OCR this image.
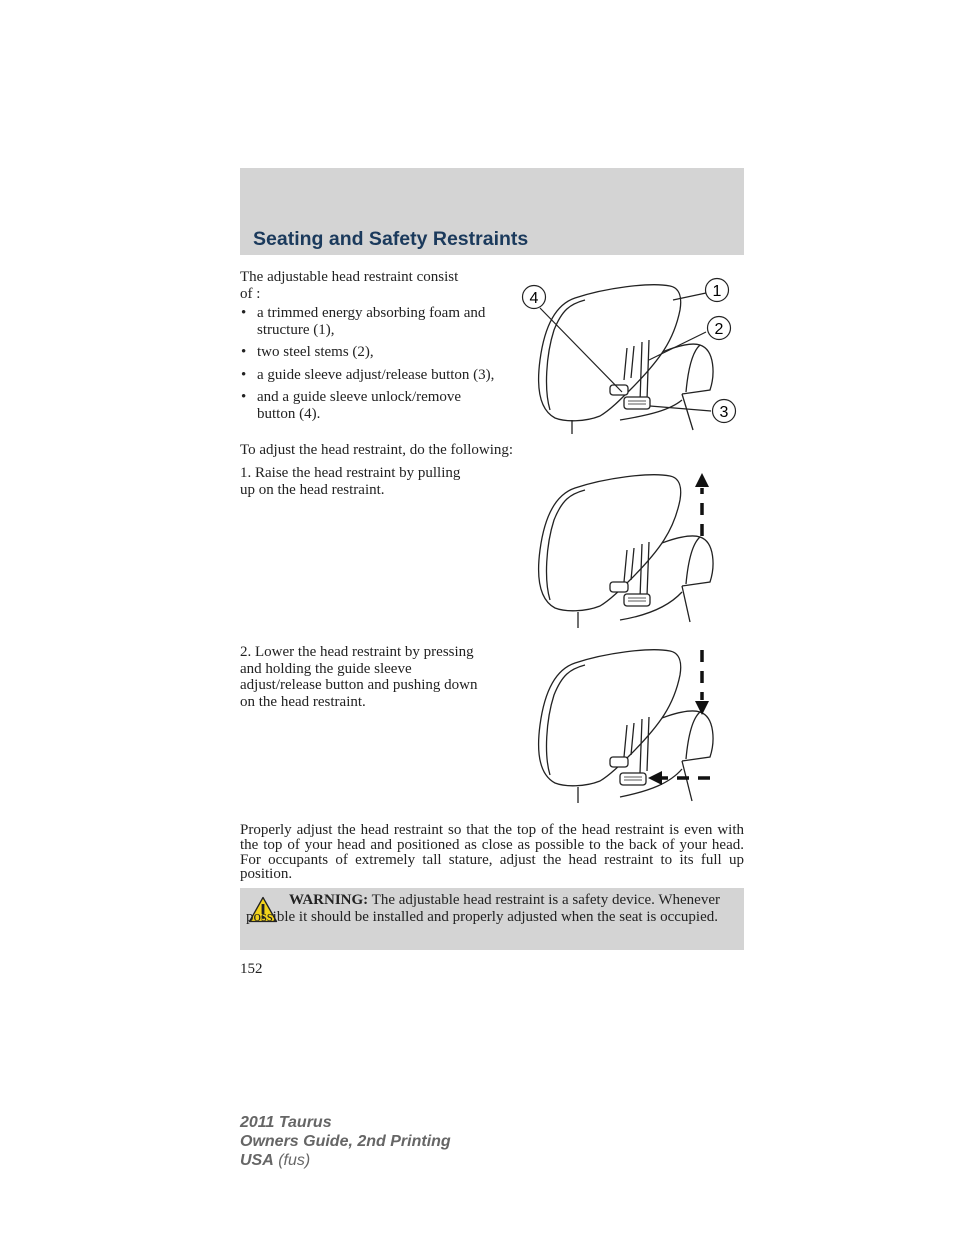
Seating and Safety Restraints

The adjustable head restraint consist of :

• a trimmed energy absorbing foam and structure (1),
• two steel stems (2),
• a guide sleeve adjust/release button (3),
• and a guide sleeve unlock/remove button (4).
1
2
3
4

To adjust the head restraint, do the following:

1. Raise the head restraint by pulling up on the head restraint.

2. Lower the head restraint by pressing and holding the guide sleeve adjust/release button and pushing down on the head restraint.

Properly adjust the head restraint so that the top of the head restraint is even with the top of your head and positioned as close as possible to the back of your head. For occupants of extremely tall stature, adjust the head restraint to its full up position.

WARNING: The adjustable head restraint is a safety device. Whenever possible it should be installed and properly adjusted when the seat is occupied.

152

2011 Taurus
Owners Guide, 2nd Printing
USA (fus)
